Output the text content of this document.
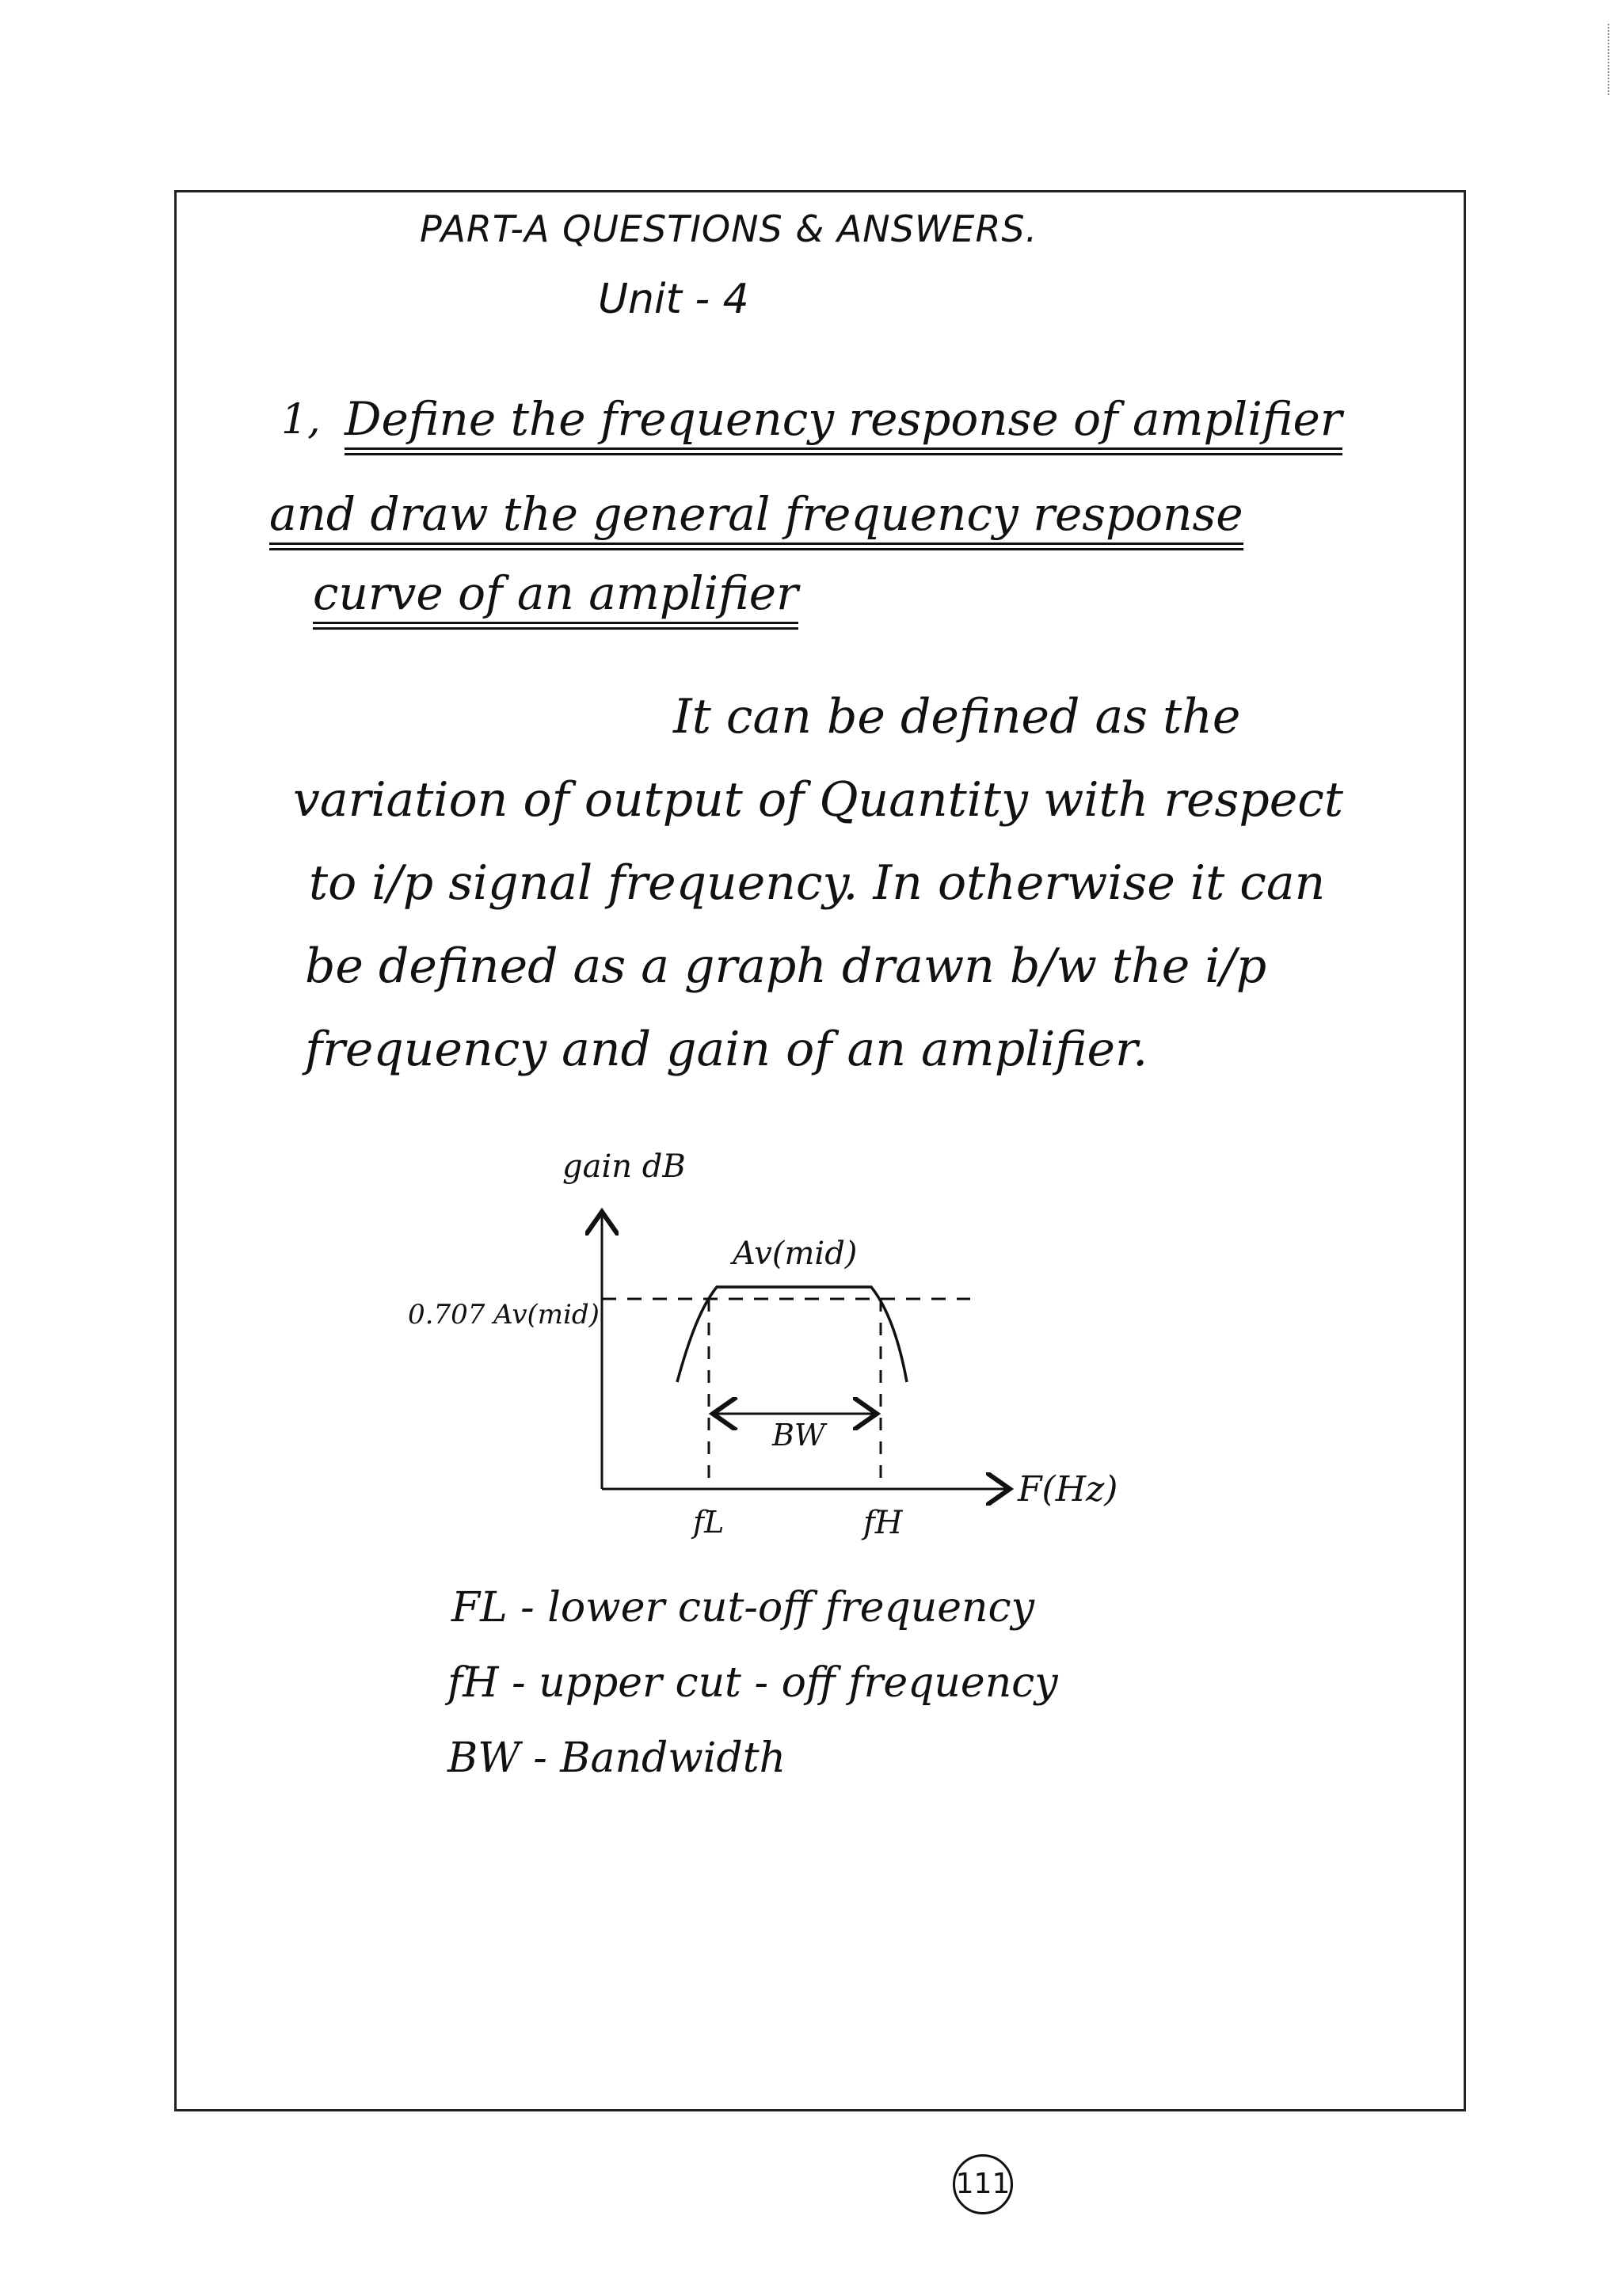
PART-A QUESTIONS & ANSWERS.
Unit - 4
1, Define the frequency response of amplifier
and draw the general frequency response
curve of an amplifier
It can be defined as the
variation of output of Quantity with respect
to i/p signal frequency. In otherwise it can
be defined as a graph drawn b/w the i/p
frequency and gain of an amplifier.
gain dB
Av(mid)
0.707 Av(mid)
BW
fL	fH
F(Hz)
FL - lower cut-off frequency
fH - upper cut - off frequency
BW - Bandwidth
111
